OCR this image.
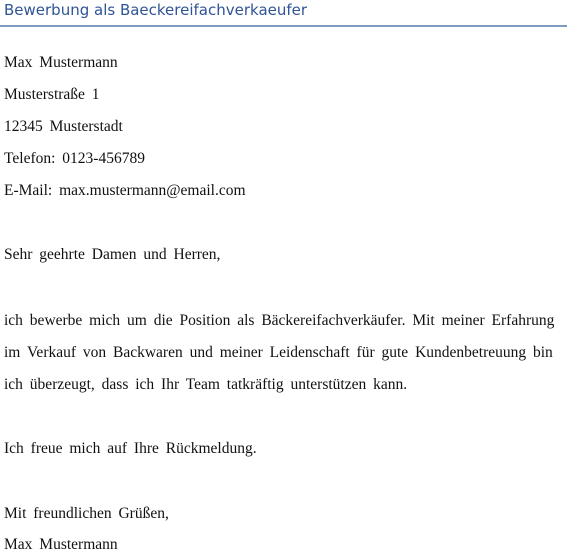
Bewerbung als Baeckereifachverkaeufer
Max Mustermann
Musterstraße 1
12345 Musterstadt
Telefon: 0123-456789
E-Mail: max.mustermann@email.com
Sehr geehrte Damen und Herren,
ich bewerbe mich um die Position als Bäckereifachverkäufer. Mit meiner Erfahrung
im Verkauf von Backwaren und meiner Leidenschaft für gute Kundenbetreuung bin
ich überzeugt, dass ich Ihr Team tatkräftig unterstützen kann.
Ich freue mich auf Ihre Rückmeldung.
Mit freundlichen Grüßen,
Max Mustermann
